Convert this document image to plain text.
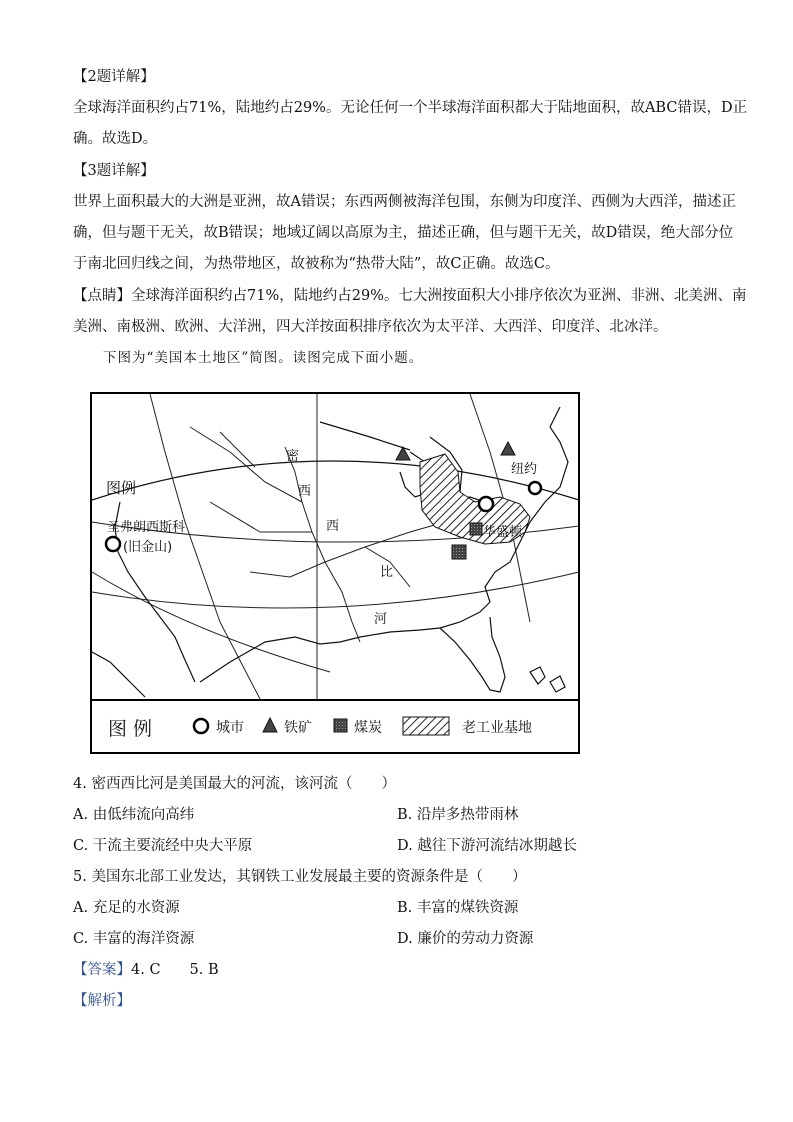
【2题详解】
全球海洋面积约占71%，陆地约占29%。无论任何一个半球海洋面积都大于陆地面积，故ABC错误，D正
确。故选D。
【3题详解】
世界上面积最大的大洲是亚洲，故A错误；东西两侧被海洋包围，东侧为印度洋、西侧为大西洋，描述正
确，但与题干无关，故B错误；地域辽阔以高原为主，描述正确，但与题干无关，故D错误，绝大部分位
于南北回归线之间，为热带地区，故被称为“热带大陆”，故C正确。故选C。
【点睛】全球海洋面积约占71%，陆地约占29%。七大洲按面积大小排序依次为亚洲、非洲、北美洲、南
美洲、南极洲、欧洲、大洋洲，四大洋按面积排序依次为太平洋、大西洋、印度洋、北冰洋。
下图为“美国本土地区”简图。读图完成下面小题。
密
西
西
比
河
图例
圣弗朗西斯科
(旧金山)
纽约
华盛顿
图 例	城市	铁矿	煤炭	老工业基地
4. 密西西比河是美国最大的河流，该河流（　　）
A. 由低纬流向高纬	B. 沿岸多热带雨林
C. 干流主要流经中央大平原	D. 越往下游河流结冰期越长
5. 美国东北部工业发达，其钢铁工业发展最主要的资源条件是（　　）
A. 充足的水资源	B. 丰富的煤铁资源
C. 丰富的海洋资源	D. 廉价的劳动力资源
【答案】4. C　　5. B
【解析】
